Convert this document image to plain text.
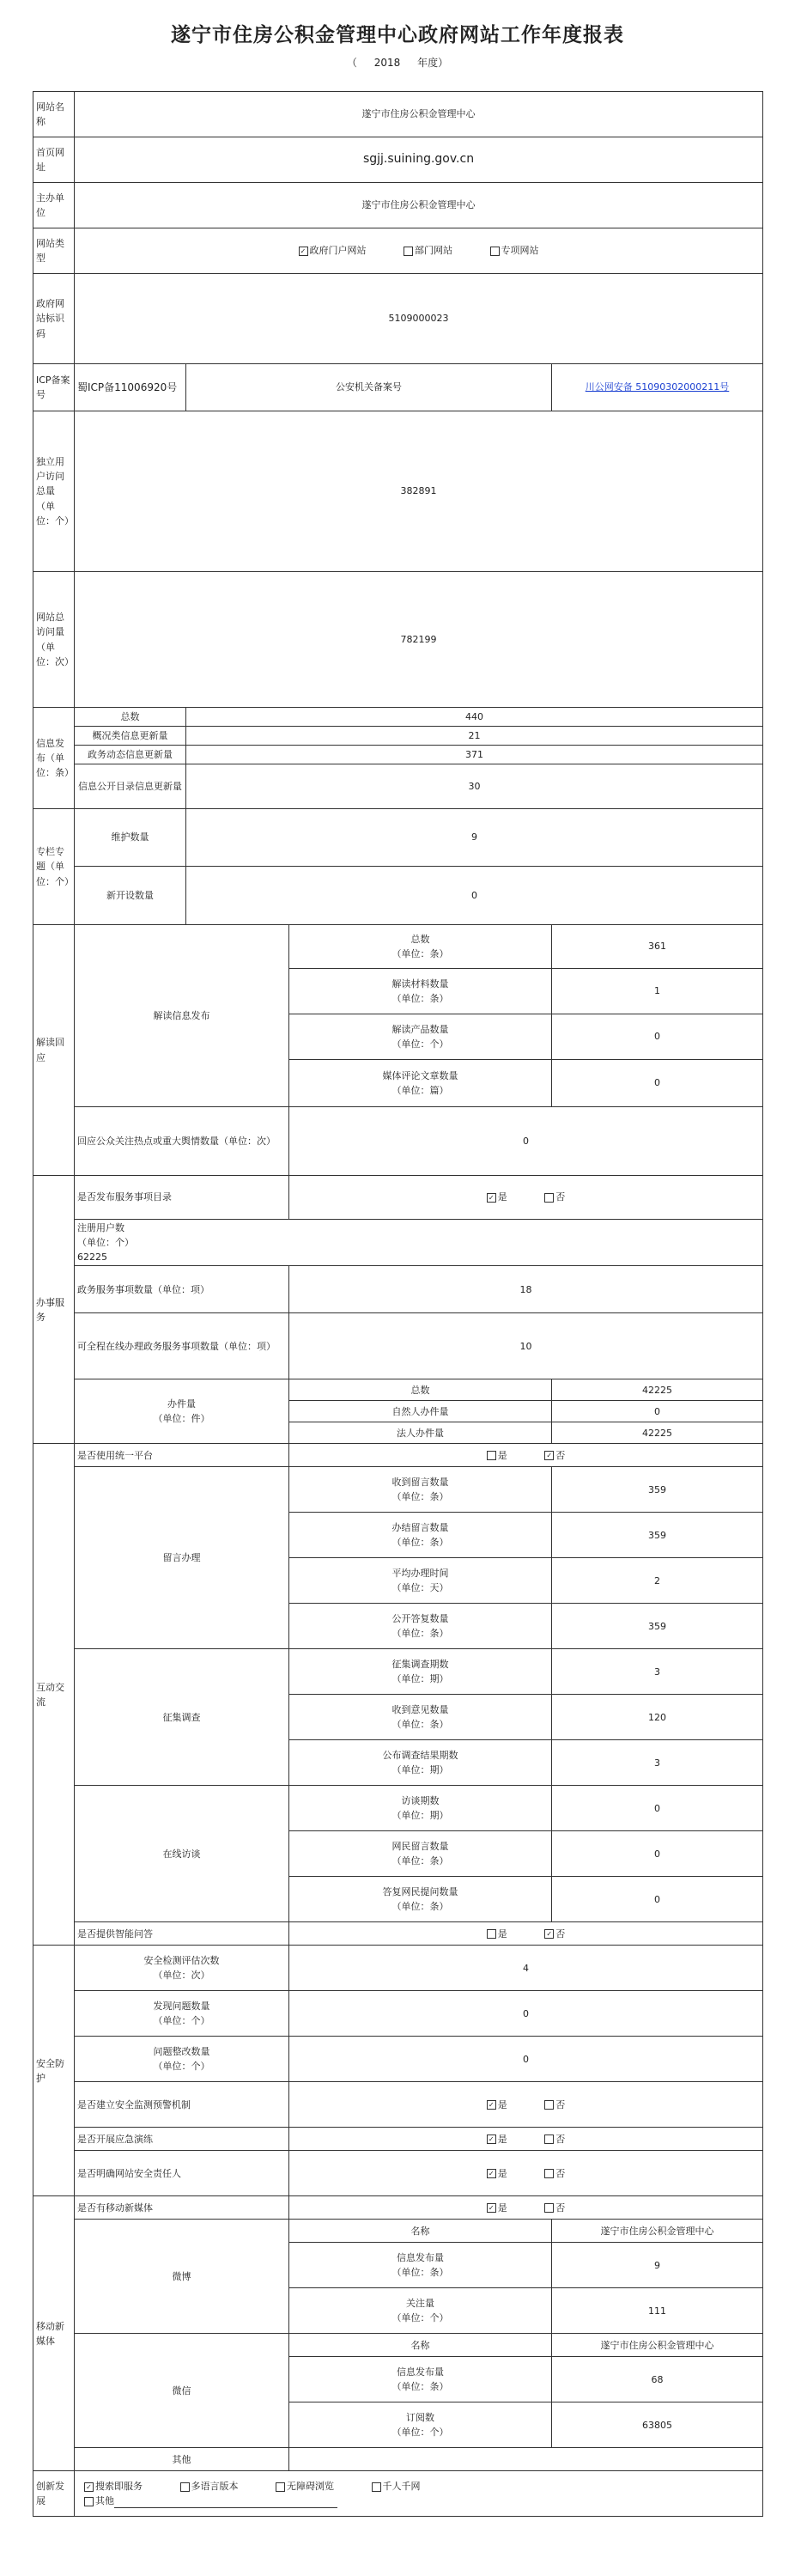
遂宁市住房公积金管理中心政府网站工作年度报表
（ 2018 年度）
网站名称	遂宁市住房公积金管理中心			
首页网址	sgjj.suining.gov.cn			
主办单位	遂宁市住房公积金管理中心			
网站类型	✓ 政府门户网站 部门网站 专项网站			
政府网站标识码	5109000023			
ICP备案号	蜀ICP备11006920号	公安机关备案号		川公网安备 51090302000211号
独立用户访问总量（单位：个）	382891			
网站总访问量（单位：次）	782199			
信息发布（单位：条）	总数	440		
	概况类信息更新量	21		
	政务动态信息更新量	371		
	信息公开目录信息更新量	30		
专栏专题（单位：个）	维护数量	9		
	新开设数量	0		
解读回应	解读信息发布		总数
（单位：条）	361
			解读材料数量
（单位：条）	1
			解读产品数量
（单位：个）	0
			媒体评论文章数量
（单位：篇）	0
	回应公众关注热点或重大舆情数量（单位：次）		0	
办事服务	是否发布服务事项目录		✓ 是 否	
	注册用户数
（单位：个）
62225			
	政务服务事项数量（单位：项）		18	
	可全程在线办理政务服务事项数量（单位：项）		10	
	办件量
（单位：件）		总数	42225
			自然人办件量	0
			法人办件量	42225
互动交流	是否使用统一平台		是 ✓ 否	
	留言办理		收到留言数量
（单位：条）	359
			办结留言数量
（单位：条）	359
			平均办理时间
（单位：天）	2
			公开答复数量
（单位：条）	359
	征集调查		征集调查期数
（单位：期）	3
			收到意见数量
（单位：条）	120
			公布调查结果期数
（单位：期）	3
	在线访谈		访谈期数
（单位：期）	0
			网民留言数量
（单位：条）	0
			答复网民提问数量
（单位：条）	0
	是否提供智能问答		是 ✓ 否	
安全防护	安全检测评估次数
（单位：次）		4	
	发现问题数量
（单位：个）		0	
	问题整改数量
（单位：个）		0	
	是否建立安全监测预警机制		✓ 是 否	
	是否开展应急演练		✓ 是 否	
	是否明确网站安全责任人		✓ 是 否	
移动新媒体	是否有移动新媒体		✓ 是 否	
	微博		名称	遂宁市住房公积金管理中心
			信息发布量
（单位：条）	9
			关注量
（单位：个）	111
	微信		名称	遂宁市住房公积金管理中心
			信息发布量
（单位：条）	68
			订阅数
（单位：个）	63805
	其他			
创新发展	✓ 搜索即服务 多语言版本 无障碍浏览 千人千网
其他			
